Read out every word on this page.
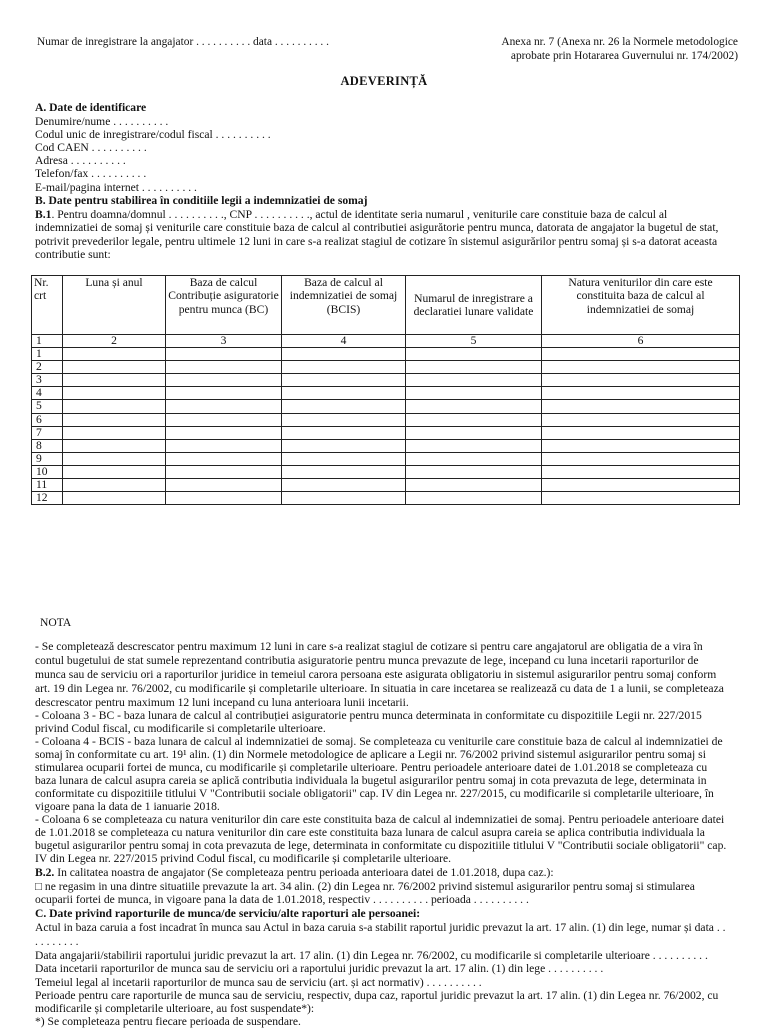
Numar de inregistrare la angajator . . . . . . . . . . data . . . . . . . . . .	Anexa nr. 7 (Anexa nr. 26 la Normele metodologice
aprobate prin Hotararea Guvernului nr. 174/2002)
ADEVERINȚĂ
A. Date de identificare
Denumire/nume . . . . . . . . . .
Codul unic de inregistrare/codul fiscal . . . . . . . . . .
Cod CAEN . . . . . . . . . .
Adresa . . . . . . . . . .
Telefon/fax . . . . . . . . . .
E-mail/pagina internet . . . . . . . . . .
B. Date pentru stabilirea în conditiile legii a indemnizatiei de somaj
B.1. Pentru doamna/domnul . . . . . . . . . ., CNP . . . . . . . . . ., actul de identitate seria numarul , veniturile care constituie baza de calcul al
indemnizatiei de somaj și veniturile care constituie baza de calcul al contributiei asigurătorie pentru munca, datorata de angajator la bugetul de stat,
potrivit prevederilor legale, pentru ultimele 12 luni in care s-a realizat stagiul de cotizare în sistemul asigurărilor pentru somaj și s-a datorat aceasta
contributie sunt:
Nr. crt	Luna și anul	Baza de calcul Contribuție asiguratorie pentru munca (BC)	Baza de calcul al indemnizatiei de somaj (BCIS)	Numarul de inregistrare a declaratiei lunare validate	Natura veniturilor din care este constituita baza de calcul al indemnizatiei de somaj
1	2	3	4	5	6
1					
2					
3					
4					
5					
6					
7					
8					
9					
10					
11					
12					
NOTA
- Se completează descrescator pentru maximum 12 luni in care s-a realizat stagiul de cotizare si pentru care angajatorul are obligatia de a vira în
contul bugetului de stat sumele reprezentand contributia asiguratorie pentru munca prevazute de lege, incepand cu luna incetarii raporturilor de
munca sau de serviciu ori a raporturilor juridice in temeiul carora persoana este asigurata obligatoriu in sistemul asigurarilor pentru somaj conform
art. 19 din Legea nr. 76/2002, cu modificarile și completarile ulterioare. In situatia in care incetarea se realizează cu data de 1 a lunii, se completeaza
descrescator pentru maximum 12 luni incepand cu luna anterioara lunii incetarii.
- Coloana 3 - BC - baza lunara de calcul al contribuției asiguratorie pentru munca determinata in conformitate cu dispozitiile Legii nr. 227/2015
privind Codul fiscal, cu modificarile si completarile ulterioare.
- Coloana 4 - BCIS - baza lunara de calcul al indemnizatiei de somaj. Se completeaza cu veniturile care constituie baza de calcul al indemnizatiei de
somaj în conformitate cu art. 19¹ alin. (1) din Normele metodologice de aplicare a Legii nr. 76/2002 privind sistemul asigurarilor pentru somaj si
stimularea ocuparii fortei de munca, cu modificarile și completarile ulterioare. Pentru perioadele anterioare datei de 1.01.2018 se completeaza cu
baza lunara de calcul asupra careia se aplică contributia individuala la bugetul asigurarilor pentru somaj in cota prevazuta de lege, determinata in
conformitate cu dispozitiile titlului V "Contributii sociale obligatorii" cap. IV din Legea nr. 227/2015, cu modificarile si completarile ulterioare, în
vigoare pana la data de 1 ianuarie 2018.
- Coloana 6 se completeaza cu natura veniturilor din care este constituita baza de calcul al indemnizatiei de somaj. Pentru perioadele anterioare datei
de 1.01.2018 se completeaza cu natura veniturilor din care este constituita baza lunara de calcul asupra careia se aplica contributia individuala la
bugetul asigurarilor pentru somaj in cota prevazuta de lege, determinata in conformitate cu dispozitiile titlului V "Contributii sociale obligatorii" cap.
IV din Legea nr. 227/2015 privind Codul fiscal, cu modificarile și completarile ulterioare.
B.2. In calitatea noastra de angajator (Se completeaza pentru perioada anterioara datei de 1.01.2018, dupa caz.):
□ ne regasim in una dintre situatiile prevazute la art. 34 alin. (2) din Legea nr. 76/2002 privind sistemul asigurarilor pentru somaj si stimularea
ocuparii fortei de munca, in vigoare pana la data de 1.01.2018, respectiv . . . . . . . . . . perioada . . . . . . . . . .
C. Date privind raporturile de munca/de serviciu/alte raporturi ale persoanei:
Actul in baza caruia a fost incadrat în munca sau Actul in baza caruia s-a stabilit raportul juridic prevazut la art. 17 alin. (1) din lege, numar și data . .
. . . . . . . .
Data angajarii/stabilirii raportului juridic prevazut la art. 17 alin. (1) din Legea nr. 76/2002, cu modificarile si completarile ulterioare . . . . . . . . . .
Data incetarii raporturilor de munca sau de serviciu ori a raportului juridic prevazut la art. 17 alin. (1) din lege . . . . . . . . . .
Temeiul legal al incetarii raporturilor de munca sau de serviciu (art. și act normativ) . . . . . . . . . .
Perioade pentru care raporturile de munca sau de serviciu, respectiv, dupa caz, raportul juridic prevazut la art. 17 alin. (1) din Legea nr. 76/2002, cu
modificarile și completarile ulterioare, au fost suspendate*):
*) Se completeaza pentru fiecare perioada de suspendare.
